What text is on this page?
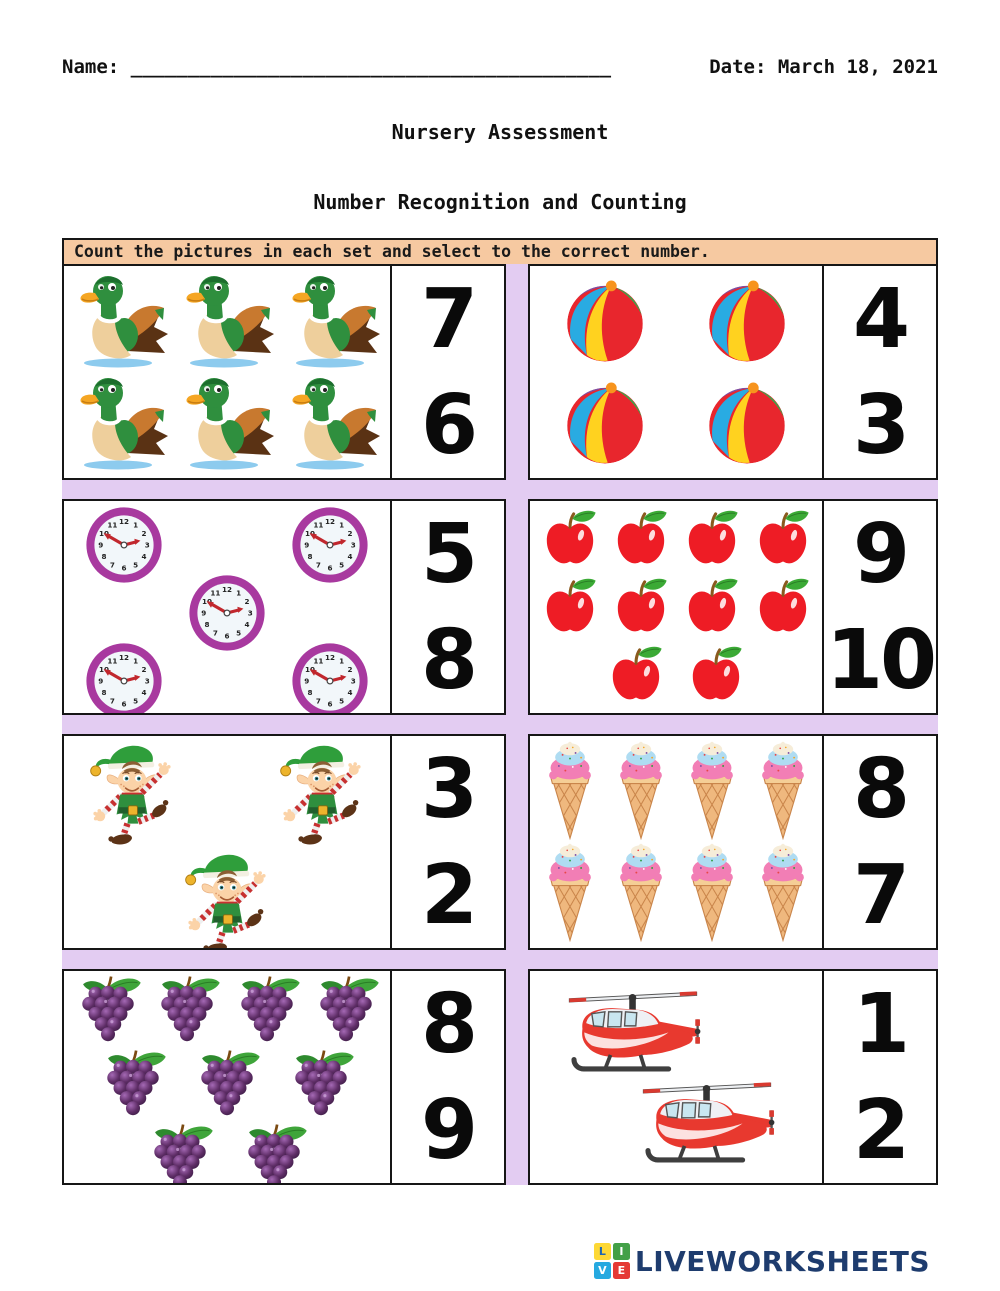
Name: __________________________________________	Date: March 18, 2021
Nursery Assessment
Number Recognition and Counting
Count the pictures in each set and select to the correct number.
7
6
4
3
5
8
9
10
3
2
8
7
8
9
1
2
L	I
V E LIVEWORKSHEETS
